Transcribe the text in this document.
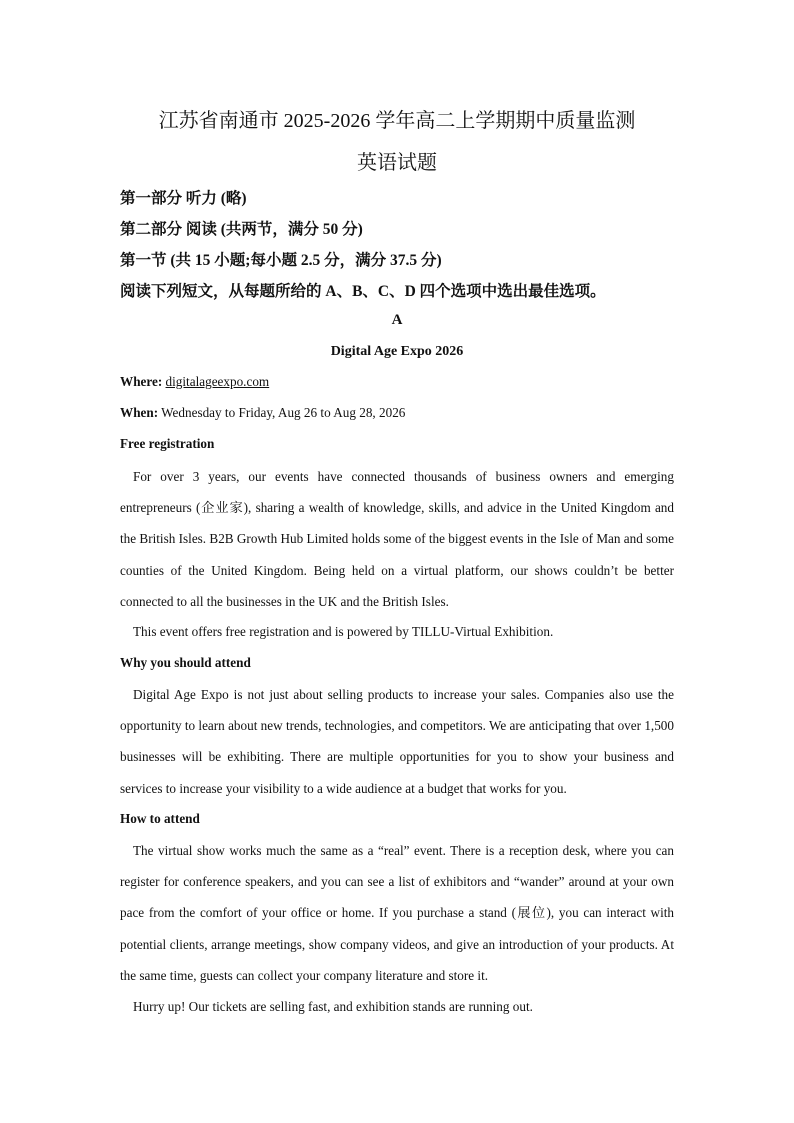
江苏省南通市 2025-2026 学年高二上学期期中质量监测
英语试题
第一部分 听力 (略)
第二部分 阅读 (共两节，满分 50 分)
第一节 (共 15 小题;每小题 2.5 分，满分 37.5 分)
阅读下列短文，从每题所给的 A、B、C、D 四个选项中选出最佳选项。
A
Digital Age Expo 2026
Where: digitalageexpo.com
When: Wednesday to Friday, Aug 26 to Aug 28, 2026
Free registration
For over 3 years, our events have connected thousands of business owners and emerging entrepreneurs (企业家), sharing a wealth of knowledge, skills, and advice in the United Kingdom and the British Isles. B2B Growth Hub Limited holds some of the biggest events in the Isle of Man and some counties of the United Kingdom. Being held on a virtual platform, our shows couldn’t be better connected to all the businesses in the UK and the British Isles.
This event offers free registration and is powered by TILLU-Virtual Exhibition.
Why you should attend
Digital Age Expo is not just about selling products to increase your sales. Companies also use the opportunity to learn about new trends, technologies, and competitors. We are anticipating that over 1,500 businesses will be exhibiting. There are multiple opportunities for you to show your business and services to increase your visibility to a wide audience at a budget that works for you.
How to attend
The virtual show works much the same as a “real” event. There is a reception desk, where you can register for conference speakers, and you can see a list of exhibitors and “wander” around at your own pace from the comfort of your office or home. If you purchase a stand (展位), you can interact with potential clients, arrange meetings, show company videos, and give an introduction of your products. At the same time, guests can collect your company literature and store it.
Hurry up! Our tickets are selling fast, and exhibition stands are running out.
